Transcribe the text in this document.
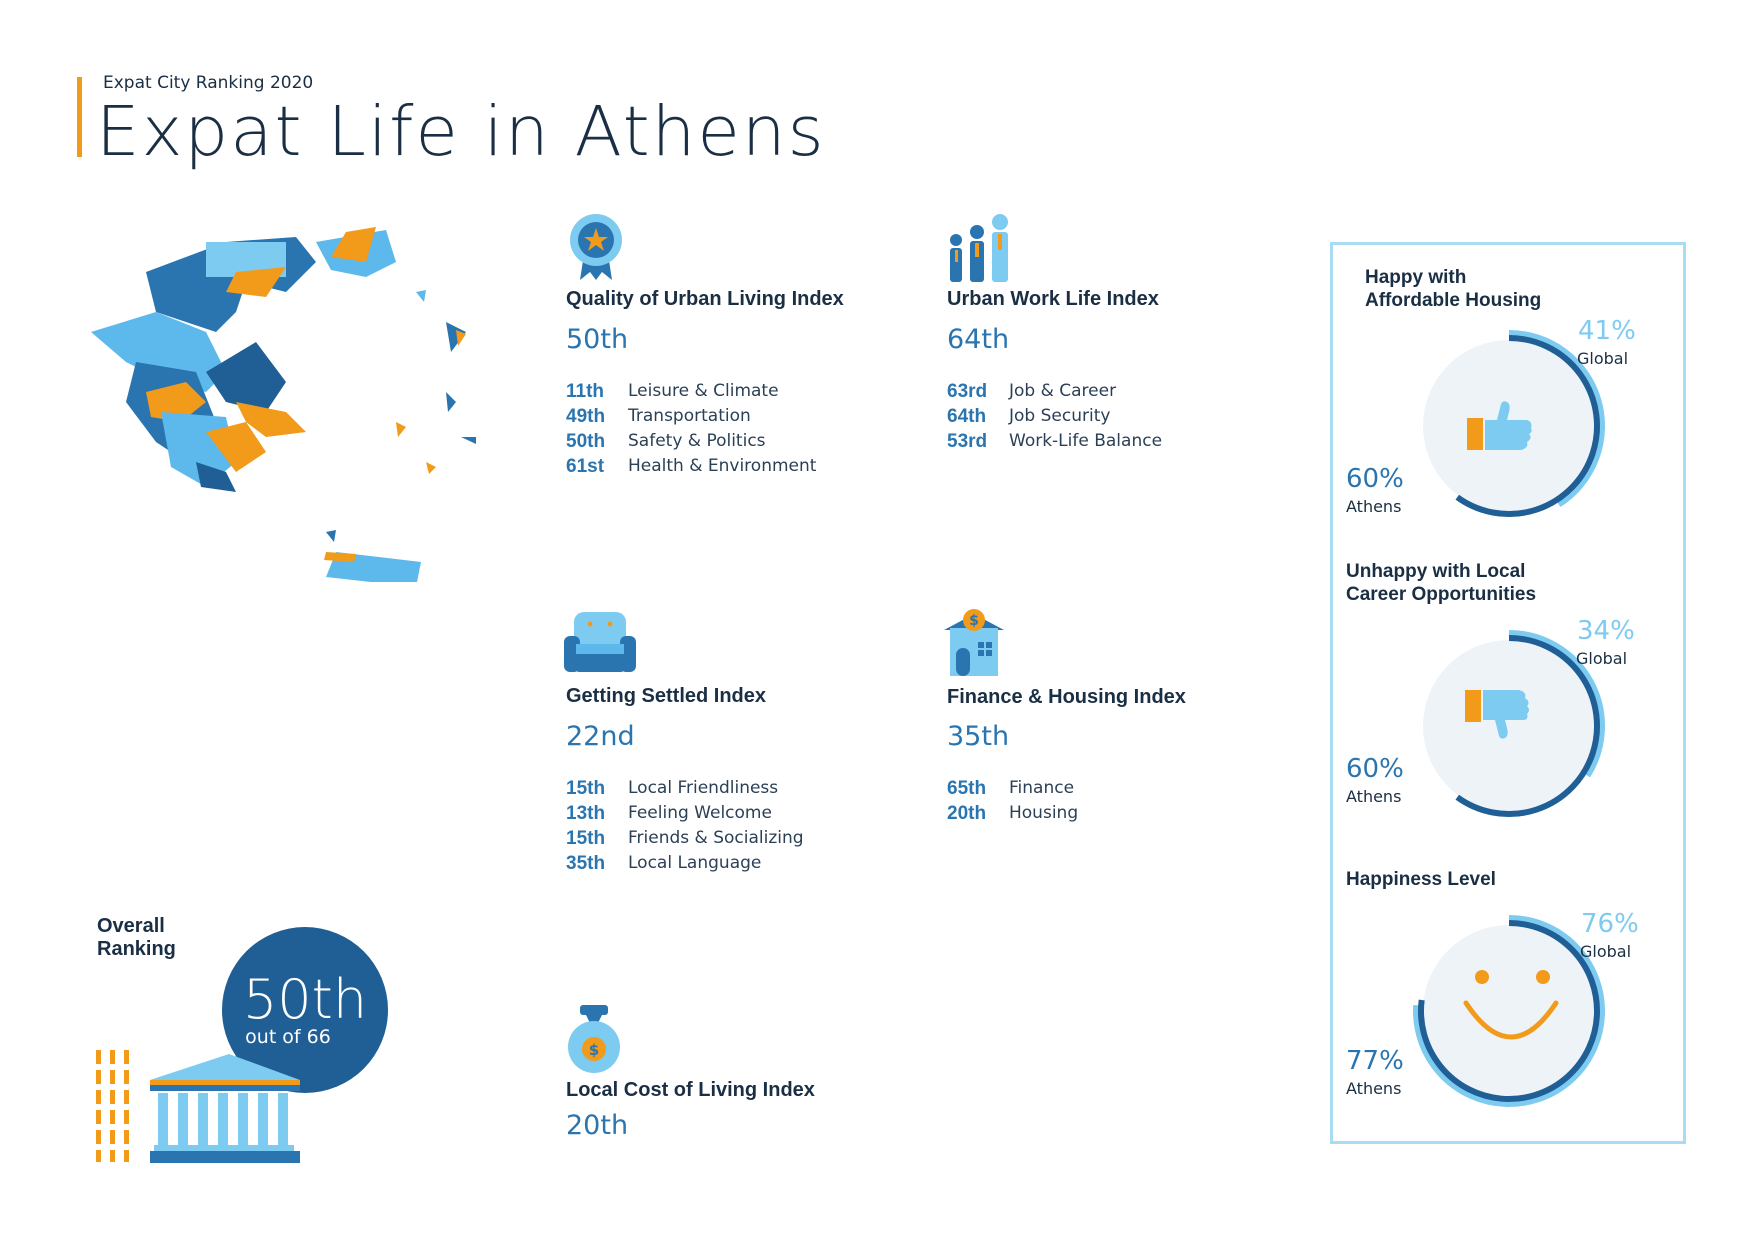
Expat City Ranking 2020
Expat Life in Athens
Quality of Urban Living Index
50th
11th	Leisure & Climate
49th	Transportation
50th	Safety & Politics
61st	Health & Environment
Urban Work Life Index
64th
63rd	Job & Career
64th	Job Security
53rd	Work-Life Balance
Getting Settled Index
22nd
15th	Local Friendliness
13th	Feeling Welcome
15th	Friends & Socializing
35th	Local Language
$
Finance & Housing Index
35th
65th	Finance
20th	Housing
$
Local Cost of Living Index
20th
Overall
Ranking
50th
out of 66
Happy with
Affordable Housing
41%
Global
60%
Athens
Unhappy with Local
Career Opportunities
34%
Global
60%
Athens
Happiness Level
76%
Global
77%
Athens
